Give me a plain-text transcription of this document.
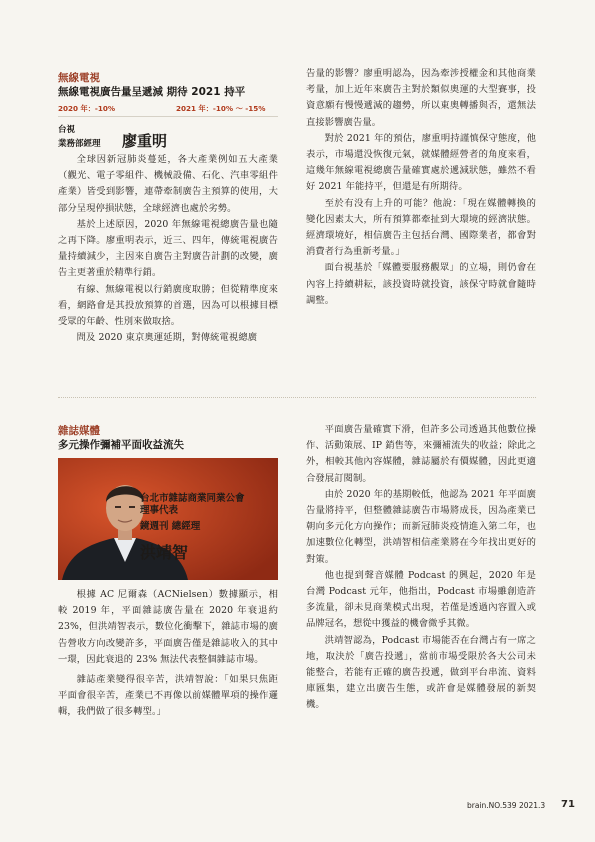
無線電視
無線電視廣告量呈遞減 期待 2021 持平
2020 年：-10%	2021 年：-10% ～ -15%
台視
業務部經理 廖重明

全球因新冠肺炎蔓延，各大產業例如五大產業（觀光、電子零組件、機械設備、石化、汽車零組件產業）皆受到影響，連帶牽制廣告主預算的使用，大部分呈現停損狀態，全球經濟也處於劣勢。

基於上述原因，2020 年無線電視總廣告量也隨之再下降。廖重明表示，近三、四年，傳統電視廣告量持續減少，主因來自廣告主對廣告計劃的改變，廣告主更著重於精準行銷。

有線、無線電視以行銷廣度取勝；但從精準度來看，網路會是其投放預算的首選，因為可以根據目標受眾的年齡、性別來做取捨。

問及 2020 東京奧運延期，對傳統電視總廣

告量的影響？廖重明認為，因為牽涉授權金和其他商業考量，加上近年來廣告主對於類似奧運的大型賽事，投資意願有慢慢遞減的趨勢，所以東奧轉播與否，還無法直接影響廣告量。

對於 2021 年的預估，廖重明持謹慎保守態度，他表示，市場還没恢復元氣，就媒體經營者的角度來看，這幾年無線電視總廣告量確實處於遞減狀態，雖然不看好 2021 年能持平，但還是有所期待。

至於有没有上升的可能？他說：「現在媒體轉換的變化因素太大，所有預算都牽扯到大環境的經濟狀態。經濟環境好，相信廣告主包括台灣、國際業者，都會對消費者行為重新考量。」

面台視基於「媒體要服務觀眾」的立場，則仍會在內容上持續耕耘，該投資時就投資，該保守時就會隨時調整。

雜誌媒體
多元操作彌補平面收益流失
台北市雜誌商業同業公會
理事代表
鏡週刊 總經理
洪靖智

根據 AC 尼爾森（ACNielsen）數據顯示，相較 2019 年，平面雜誌廣告量在 2020 年衰退約 23%，但洪靖智表示，數位化衝擊下，雜誌市場的廣告營收方向改變許多，平面廣告僅是雜誌收入的其中一環，因此衰退的 23% 無法代表整個雜誌市場。

雜誌產業變得很辛苦，洪靖智說：「如果只焦距平面會很辛苦，產業已不再像以前媒體單項的操作邏輯，我們做了很多轉型。」

平面廣告量確實下滑，但許多公司透過其他數位操作、活動策展、IP 銷售等，來彌補流失的收益；除此之外，相較其他內容媒體，雜誌屬於有價媒體，因此更適合發展訂閱制。

由於 2020 年的基期較低，他認為 2021 年平面廣告量將持平，但整體雜誌廣告市場將成長，因為產業已朝向多元化方向操作；而新冠肺炎疫情進入第二年，也加速數位化轉型，洪靖智相信產業將在今年找出更好的對策。

他也提到聲音媒體 Podcast 的興起，2020 年是台灣 Podcast 元年，他指出，Podcast 市場雖創造許多流量，卻未見商業模式出現，若僅是透過內容置入或品牌冠名，想從中獲益的機會微乎其微。

洪靖智認為，Podcast 市場能否在台灣占有一席之地，取決於「廣告投遞」，當前市場受限於各大公司未能整合，若能有正確的廣告投遞，做到平台串流、資料庫匯集，建立出廣告生態，或許會是媒體發展的新契機。

brain.NO.539 2021.3 71
